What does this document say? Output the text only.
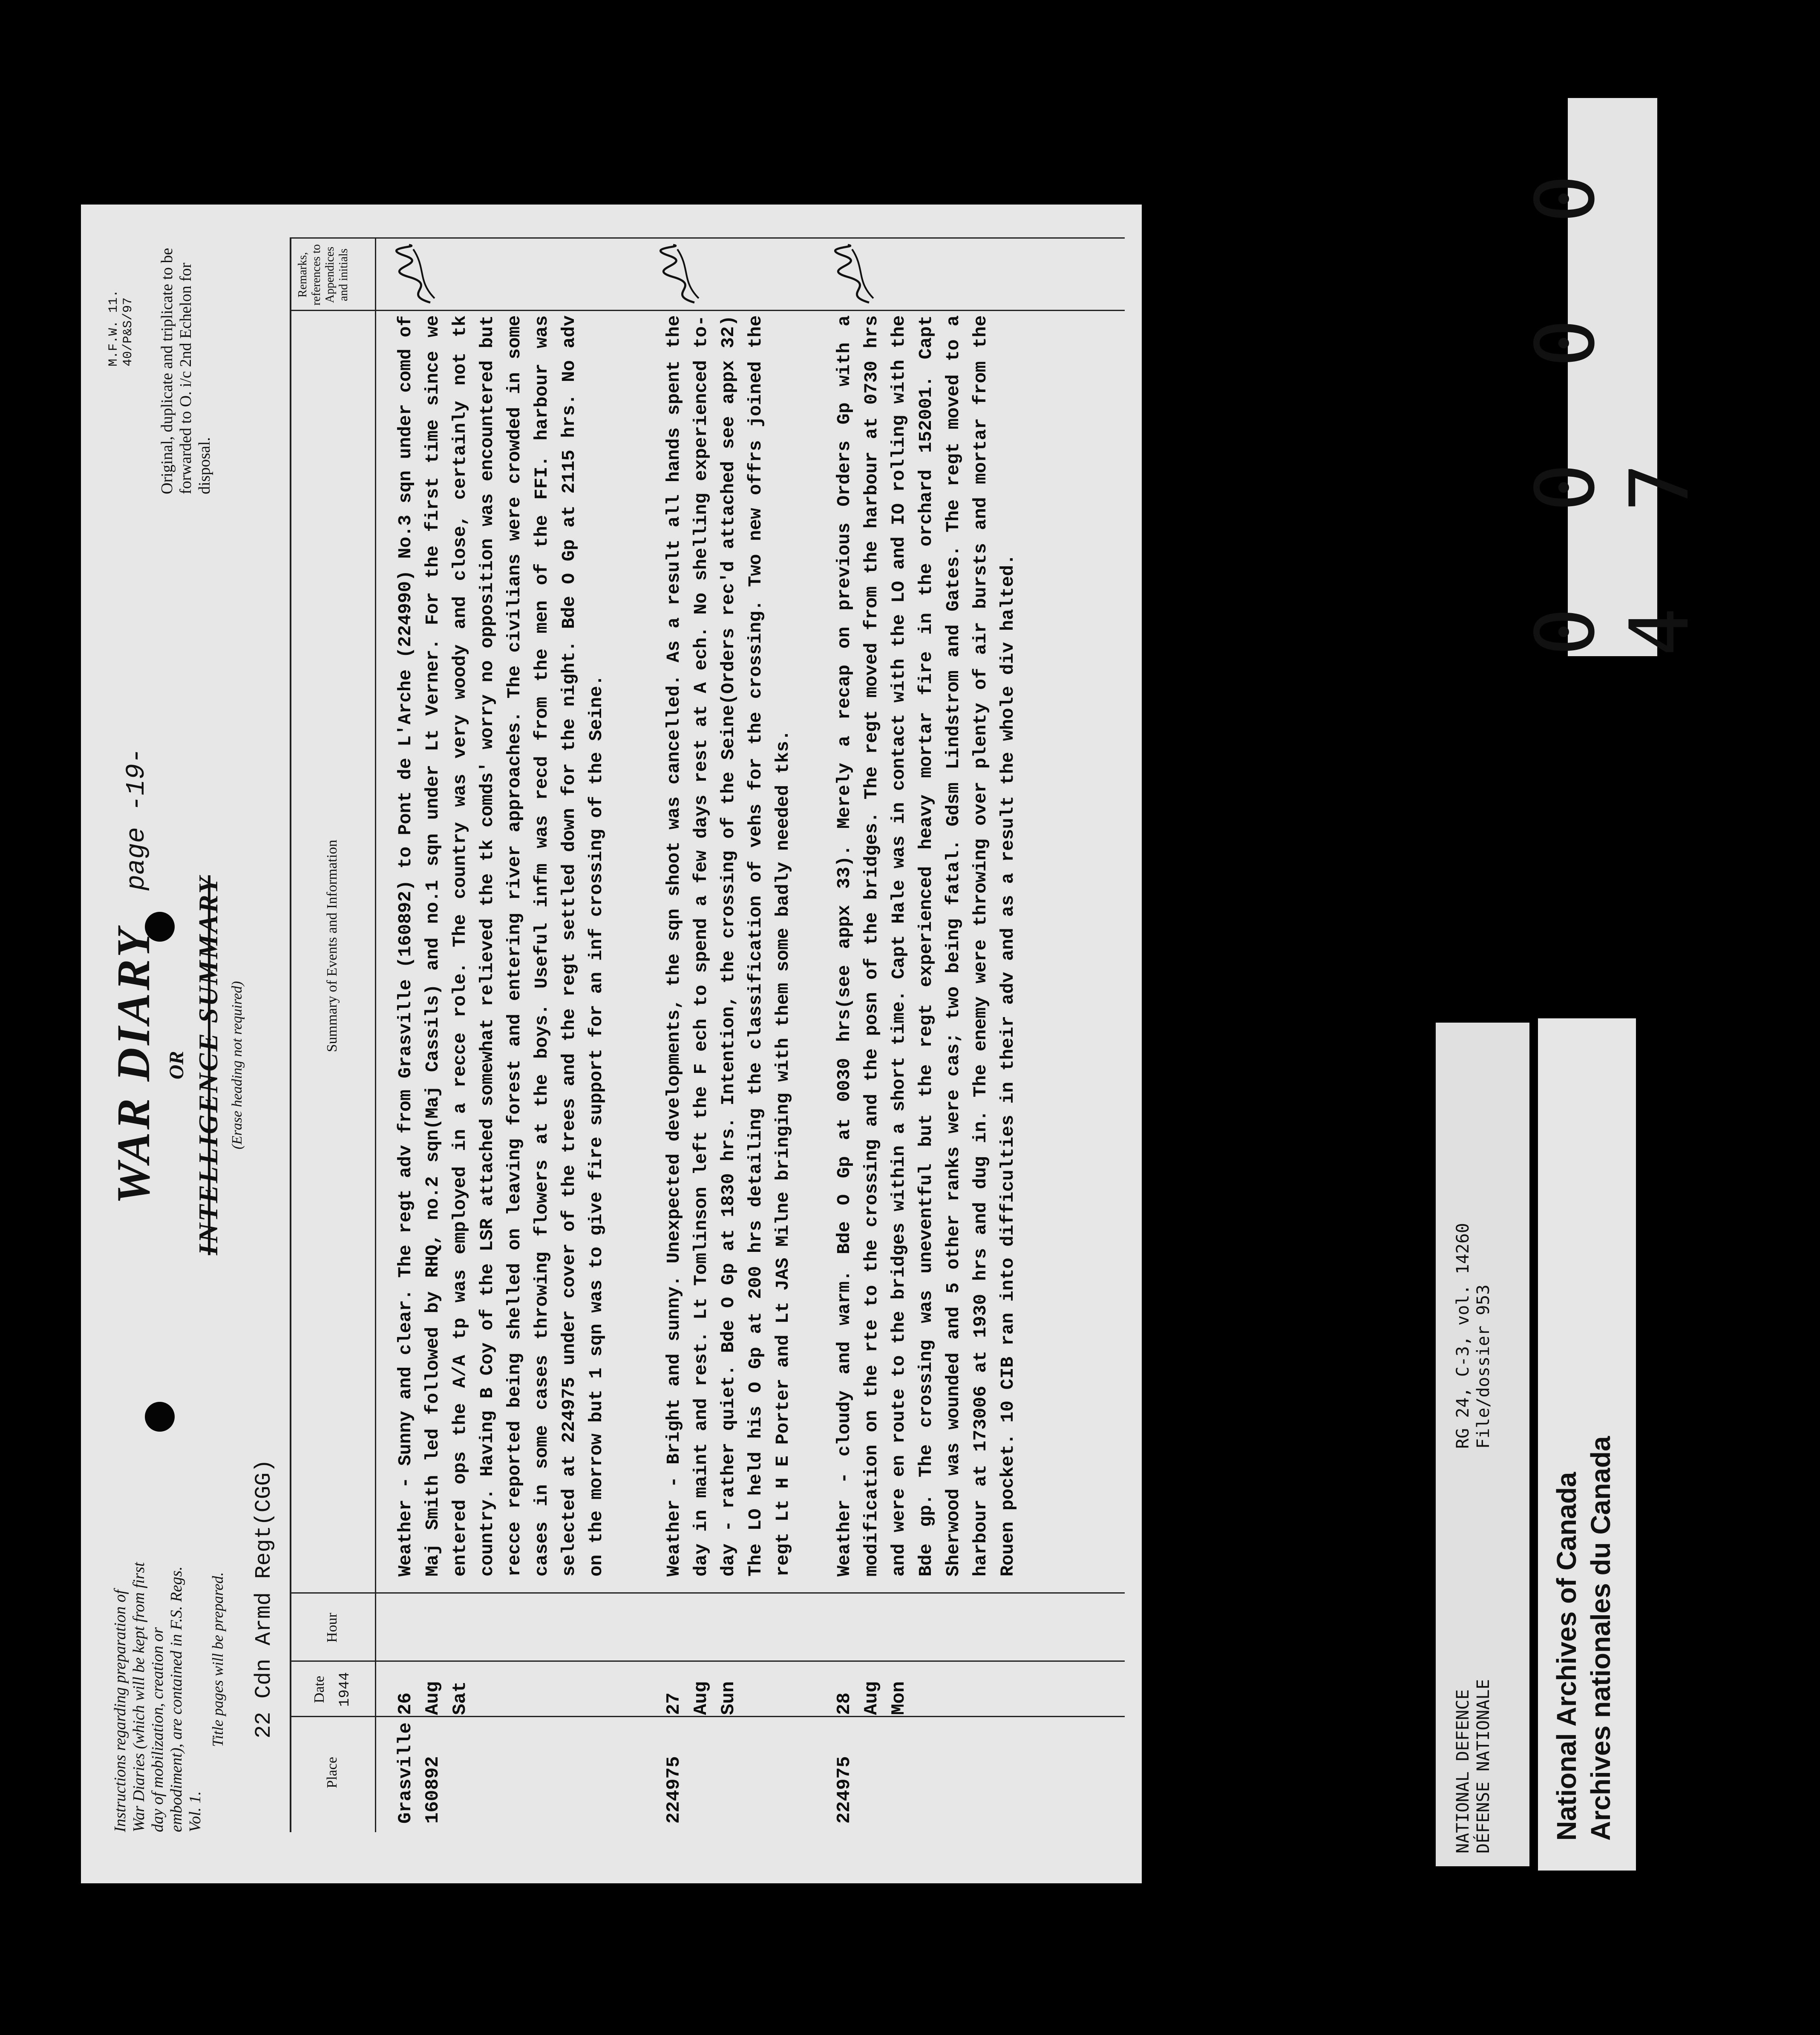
Instructions regarding preparation of War Diaries (which will be kept from first day of mobilization, creation or embodiment), are contained in F.S. Regs. Vol. 1.
Title pages will be prepared.
WAR DIARY OR INTELLIGENCE SUMMARY (Erase heading not required)
page -19-
M.F.W. 11.
40/P&S/97 Original, duplicate and triplicate to be forwarded to O. i/c 2nd Echelon for disposal.
22 Cdn Armd Regt(CGG)
Place
Date 1944
Hour
Summary of Events and Information
Remarks, references to Appendices and initials
Grasville
160892
26 Aug
Sat
Weather - Sunny and clear. The regt adv from Grasville (160892) to Pont de L'Arche (224990) No.3 sqn under comd of Maj Smith led followed by RHQ, no.2 sqn(Maj Cassils) and no.1 sqn under Lt Verner. For the first time since we entered ops the A/A tp was employed in a recce role. The country was very woody and close, certainly not tk country. Having B Coy of the LSR attached somewhat relieved the tk comds' worry no opposition was encountered but recce reported being shelled on leaving forest and entering river approaches. The civilians were crowded in some cases in some cases throwing flowers at the boys. Useful infm was recd from the men of the FFI. harbour was selected at 224975 under cover of the trees and the regt settled down for the night. Bde O Gp at 2115 hrs. No adv on the morrow but 1 sqn was to give fire support for an inf crossing of the Seine.
224975
27 Aug
Sun
Weather - Bright and sunny. Unexpected developments, the sqn shoot was cancelled. As a result all hands spent the day in maint and rest. Lt Tomlinson left the F ech to spend a few days rest at A ech. No shelling experienced to-day - rather quiet. Bde O Gp at 1830 hrs. Intention, the crossing of the Seine(Orders rec'd attached see appx 32) The LO held his O Gp at 200 hrs detailing the classification of vehs for the crossing. Two new offrs joined the regt Lt H E Porter and Lt JAS Milne bringing with them some badly needed tks.
224975
28 Aug
Mon
Weather - cloudy and warm. Bde O Gp at 0030 hrs(see appx 33). Merely a recap on previous Orders Gp with a modification on the rte to the crossing and the posn of the bridges. The regt moved from the harbour at 0730 hrs and were en route to the bridges within a short time. Capt Hale was in contact with the LO and IO rolling with the Bde gp. The crossing was uneventful but the regt experienced heavy mortar fire in the orchard 152001. Capt Sherwood was wounded and 5 other ranks were cas; two being fatal. Gdsm Lindstrom and Gates. The regt moved to a harbour at 173006 at 1930 hrs and dug in. The enemy were throwing over plenty of air bursts and mortar from the Rouen pocket. 10 CIB ran into difficulties in their adv and as a result the whole div halted.
0 0 0 0 4 7
NATIONAL DEFENCE DÉFENSE NATIONALE
RG 24, C-3, vol. 14260 File/dossier 953
National Archives of Canada Archives nationales du Canada
